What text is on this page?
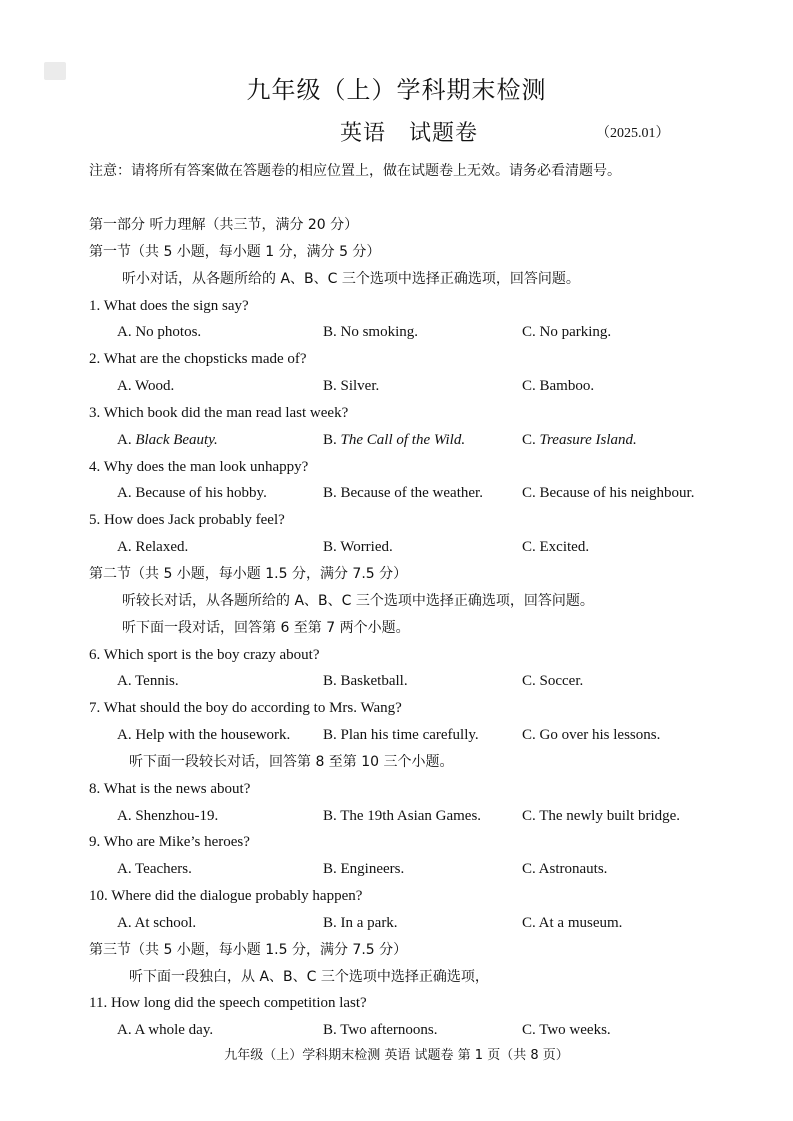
九年级（上）学科期末检测
英语　试题卷	（2025.01）
注意：请将所有答案做在答题卷的相应位置上，做在试题卷上无效。请务必看清题号。
第一部分 听力理解（共三节，满分 20 分）
第一节（共 5 小题，每小题 1 分，满分 5 分）
听小对话，从各题所给的 A、B、C 三个选项中选择正确选项，回答问题。
1. What does the sign say?
A. No photos.	B. No smoking.	C. No parking.
2. What are the chopsticks made of?
A. Wood.	B. Silver.	C. Bamboo.
3. Which book did the man read last week?
A. Black Beauty.	B. The Call of the Wild.	C. Treasure Island.
4. Why does the man look unhappy?
A. Because of his hobby.	B. Because of the weather.	C. Because of his neighbour.
5. How does Jack probably feel?
A. Relaxed.	B. Worried.	C. Excited.
第二节（共 5 小题，每小题 1.5 分，满分 7.5 分）
听较长对话，从各题所给的 A、B、C 三个选项中选择正确选项，回答问题。
听下面一段对话，回答第 6 至第 7 两个小题。
6. Which sport is the boy crazy about?
A. Tennis.	B. Basketball.	C. Soccer.
7. What should the boy do according to Mrs. Wang?
A. Help with the housework. B. Plan his time carefully.	C. Go over his lessons.
听下面一段较长对话，回答第 8 至第 10 三个小题。
8. What is the news about?
A. Shenzhou-19.	B. The 19th Asian Games.	C. The newly built bridge.
9. Who are Mike’s heroes?
A. Teachers.	B. Engineers.	C. Astronauts.
10. Where did the dialogue probably happen?
A. At school.	B. In a park.	C. At a museum.
第三节（共 5 小题，每小题 1.5 分，满分 7.5 分）
听下面一段独白，从 A、B、C 三个选项中选择正确选项，
11. How long did the speech competition last?
A. A whole day.	B. Two afternoons.	C. Two weeks.
九年级（上）学科期末检测 英语 试题卷 第 1 页（共 8 页）
